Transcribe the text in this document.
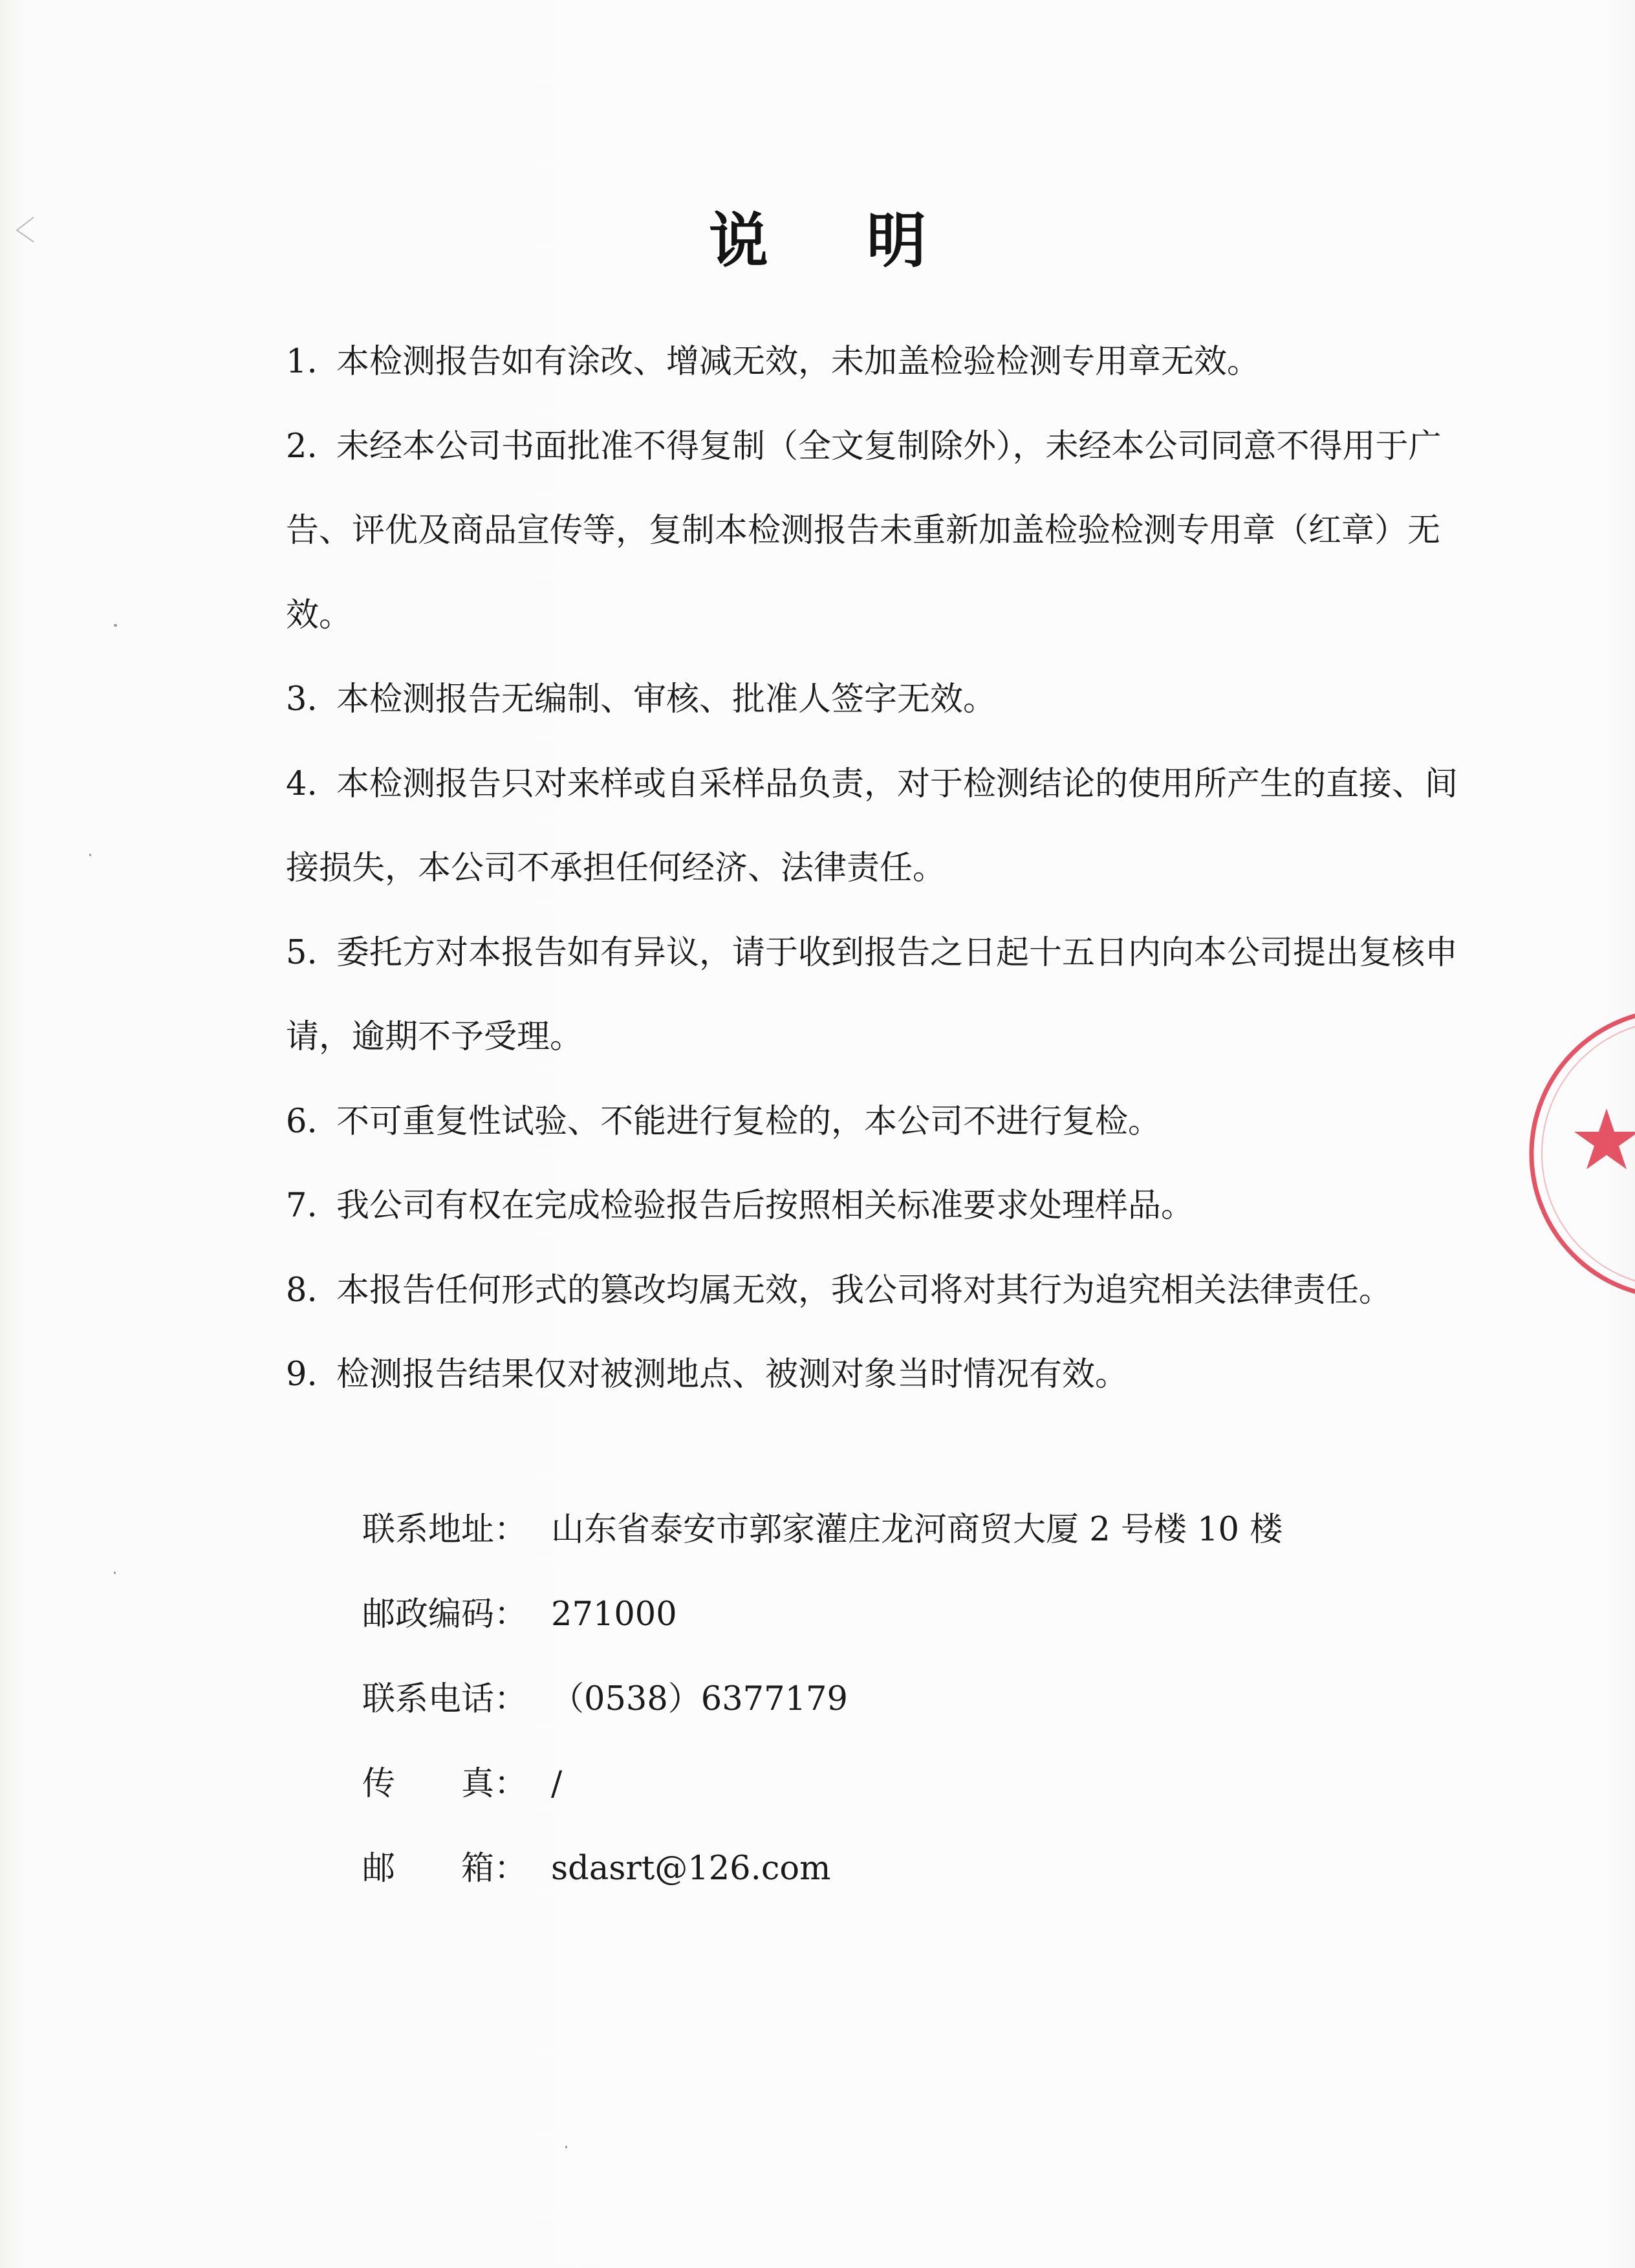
说 明

1. 本检测报告如有涂改、增减无效，未加盖检验检测专用章无效。

2. 未经本公司书面批准不得复制（全文复制除外），未经本公司同意不得用于广告、评优及商品宣传等，复制本检测报告未重新加盖检验检测专用章（红章）无效。

3. 本检测报告无编制、审核、批准人签字无效。

4. 本检测报告只对来样或自采样品负责，对于检测结论的使用所产生的直接、间接损失，本公司不承担任何经济、法律责任。

5. 委托方对本报告如有异议，请于收到报告之日起十五日内向本公司提出复核申请，逾期不予受理。

6. 不可重复性试验、不能进行复检的，本公司不进行复检。

7. 我公司有权在完成检验报告后按照相关标准要求处理样品。

8. 本报告任何形式的篡改均属无效，我公司将对其行为追究相关法律责任。

9. 检测报告结果仅对被测地点、被测对象当时情况有效。

联系地址： 山东省泰安市郭家灌庄龙河商贸大厦 2 号楼 10 楼
邮政编码： 271000
联系电话： （0538）6377179
传　　真： /
邮　　箱： sdasrt@126.com
